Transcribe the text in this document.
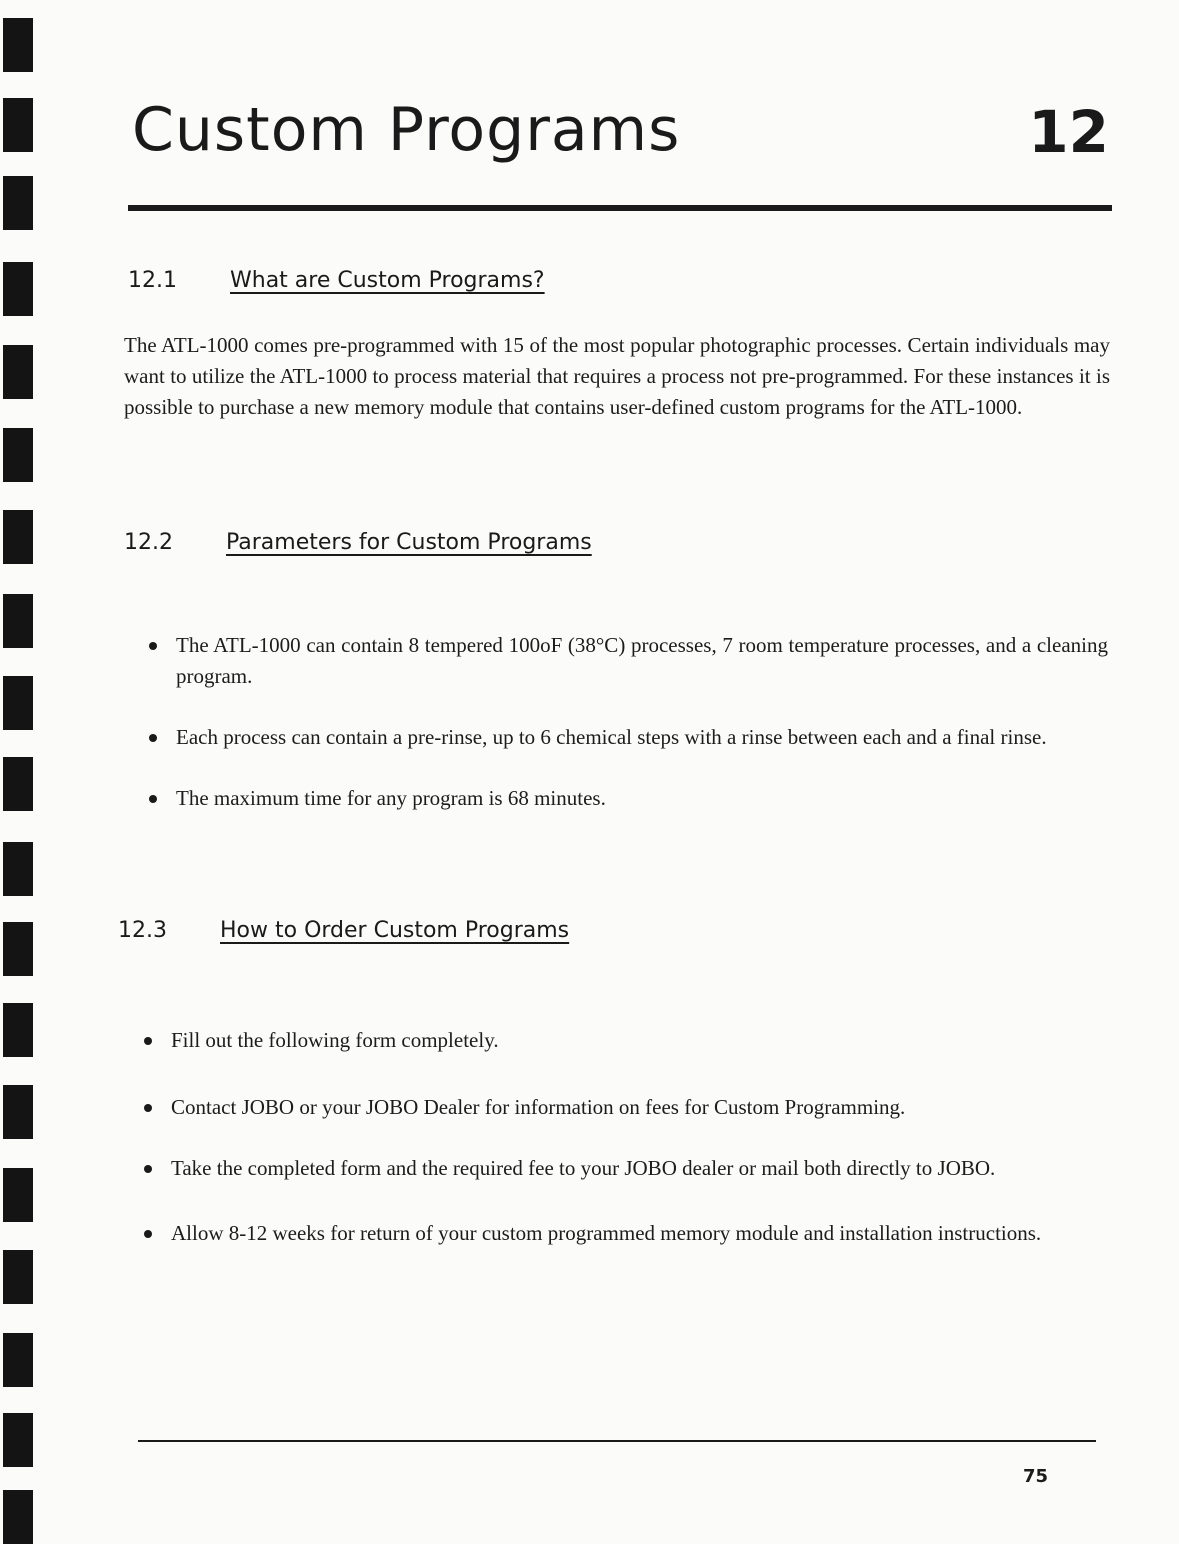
Custom Programs	12
12.1 What are Custom Programs?

The ATL-1000 comes pre-programmed with 15 of the most popular photographic processes. Certain individuals may want to utilize the ATL-1000 to process material that requires a process not pre-programmed. For these instances it is possible to purchase a new memory module that contains user-defined custom programs for the ATL-1000.

12.2 Parameters for Custom Programs
The ATL-1000 can contain 8 tempered 100oF (38°C) processes, 7 room temperature processes, and a cleaning program.
Each process can contain a pre-rinse, up to 6 chemical steps with a rinse between each and a final rinse.
The maximum time for any program is 68 minutes.
12.3 How to Order Custom Programs
Fill out the following form completely.
Contact JOBO or your JOBO Dealer for information on fees for Custom Programming.
Take the completed form and the required fee to your JOBO dealer or mail both directly to JOBO.
Allow 8-12 weeks for return of your custom programmed memory module and installation instructions.
75
